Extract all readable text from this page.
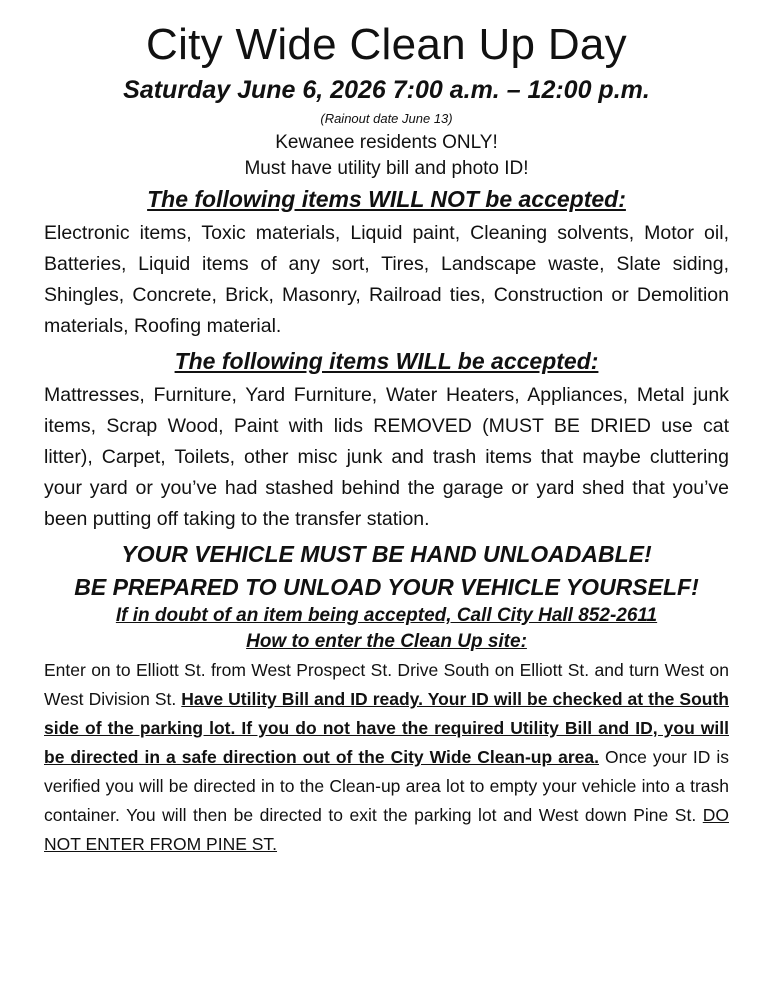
City Wide Clean Up Day
Saturday June 6, 2026 7:00 a.m. – 12:00 p.m.
(Rainout date June 13)
Kewanee residents ONLY!
Must have utility bill and photo ID!
The following items WILL NOT be accepted:

Electronic items, Toxic materials, Liquid paint, Cleaning solvents, Motor oil, Batteries, Liquid items of any sort, Tires, Landscape waste, Slate siding, Shingles, Concrete, Brick, Masonry, Railroad ties, Construction or Demolition materials, Roofing material.

The following items WILL be accepted:

Mattresses, Furniture, Yard Furniture, Water Heaters, Appliances, Metal junk items, Scrap Wood, Paint with lids REMOVED (MUST BE DRIED use cat litter), Carpet, Toilets, other misc junk and trash items that maybe cluttering your yard or you’ve had stashed behind the garage or yard shed that you’ve been putting off taking to the transfer station.

YOUR VEHICLE MUST BE HAND UNLOADABLE!
BE PREPARED TO UNLOAD YOUR VEHICLE YOURSELF!
If in doubt of an item being accepted, Call City Hall 852-2611
How to enter the Clean Up site:

Enter on to Elliott St. from West Prospect St. Drive South on Elliott St. and turn West on West Division St. Have Utility Bill and ID ready. Your ID will be checked at the South side of the parking lot. If you do not have the required Utility Bill and ID, you will be directed in a safe direction out of the City Wide Clean-up area. Once your ID is verified you will be directed in to the Clean-up area lot to empty your vehicle into a trash container. You will then be directed to exit the parking lot and West down Pine St. DO NOT ENTER FROM PINE ST.
